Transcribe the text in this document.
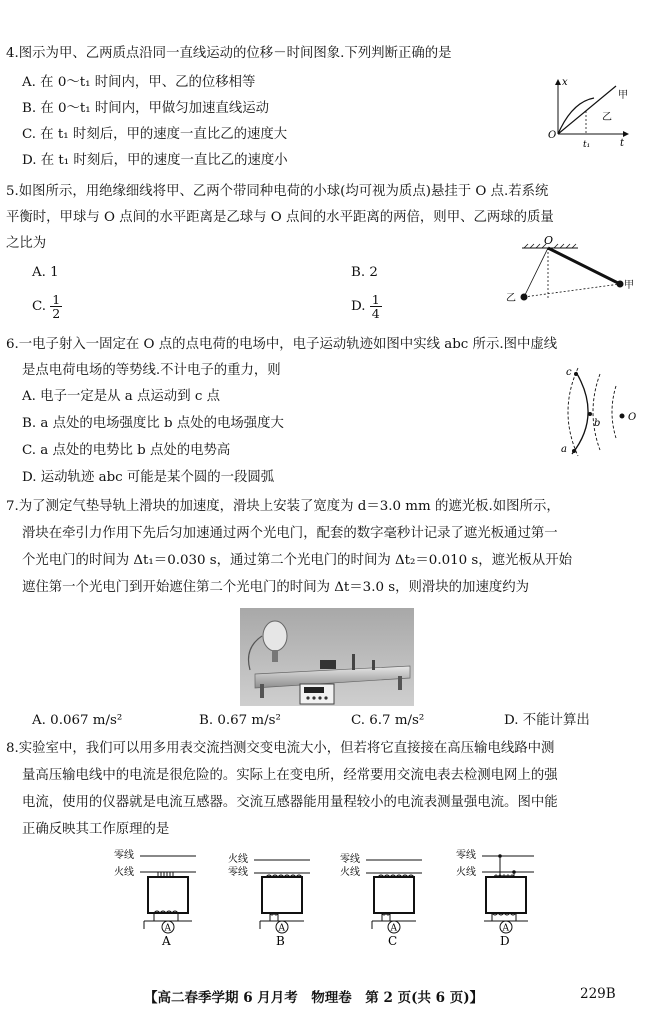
4.图示为甲、乙两质点沿同一直线运动的位移－时间图象.下列判断正确的是
A. 在 0～t₁ 时间内，甲、乙的位移相等
B. 在 0～t₁ 时间内，甲做匀加速直线运动
C. 在 t₁ 时刻后，甲的速度一直比乙的速度大
D. 在 t₁ 时刻后，甲的速度一直比乙的速度小
x
t
O
t₁
甲
乙
5.如图所示，用绝缘细线将甲、乙两个带同种电荷的小球(均可视为质点)悬挂于 O 点.若系统
平衡时，甲球与 O 点间的水平距离是乙球与 O 点间的水平距离的两倍，则甲、乙两球的质量
之比为
A. 1	B. 2
C. $\frac{1}{2}$	D. $\frac{1}{4}$
O
甲
乙
6.一电子射入一固定在 O 点的点电荷的电场中，电子运动轨迹如图中实线 abc 所示.图中虚线
是点电荷电场的等势线.不计电子的重力，则
A. 电子一定是从 a 点运动到 c 点
B. a 点处的电场强度比 b 点处的电场强度大
C. a 点处的电势比 b 点处的电势高
D. 运动轨迹 abc 可能是某个圆的一段圆弧
c
b
a
O
7.为了测定气垫导轨上滑块的加速度，滑块上安装了宽度为 d＝3.0 mm 的遮光板.如图所示，
滑块在牵引力作用下先后匀加速通过两个光电门，配套的数字毫秒计记录了遮光板通过第一
个光电门的时间为 Δt₁＝0.030 s，通过第二个光电门的时间为 Δt₂＝0.010 s，遮光板从开始
遮住第一个光电门到开始遮住第二个光电门的时间为 Δt＝3.0 s，则滑块的加速度约为
A. 0.067 m/s²	B. 0.67 m/s²	C. 6.7 m/s²	D. 不能计算出
8.实验室中，我们可以用多用表交流挡测交变电流大小，但若将它直接接在高压输电线路中测
量高压输电线中的电流是很危险的。实际上在变电所，经常要用交流电表去检测电网上的强
电流，使用的仪器就是电流互感器。交流互感器能用量程较小的电流表测量强电流。图中能
正确反映其工作原理的是
零线
火线
A
A
火线
零线
A
B
零线
火线
A
C
零线
火线
A
D
【高二春季学期 6 月月考　物理卷　第 2 页(共 6 页)】	229B
